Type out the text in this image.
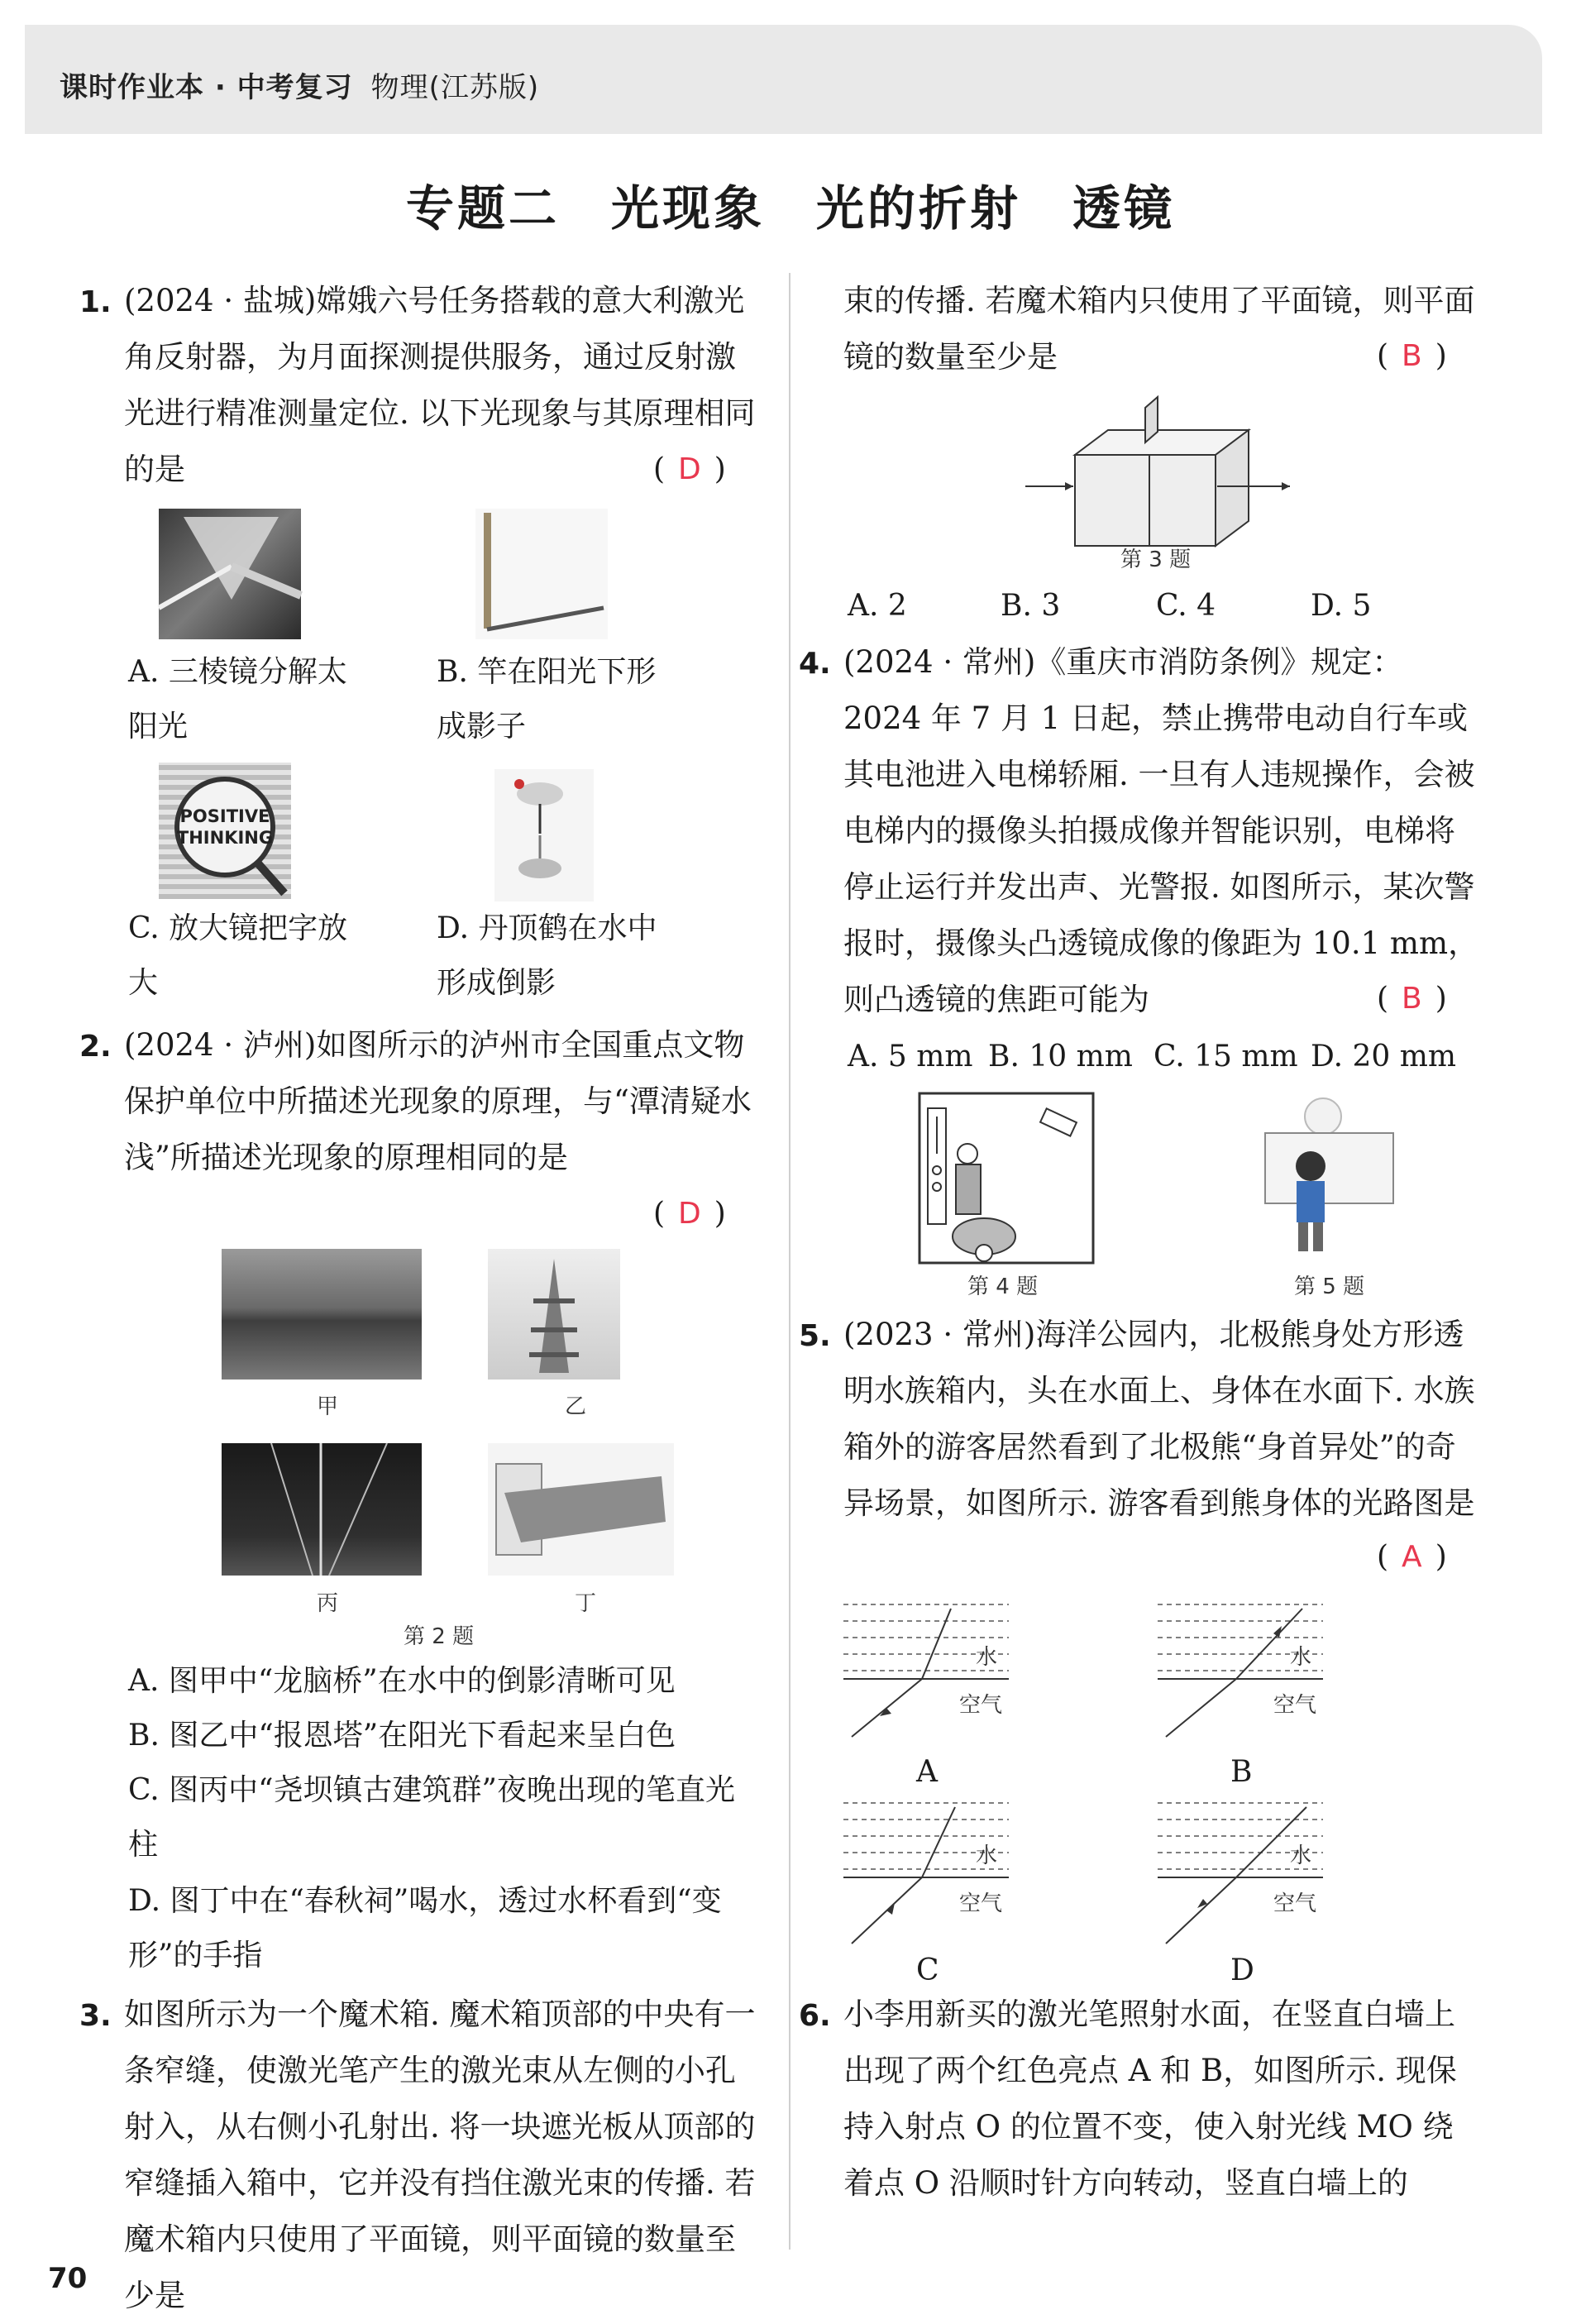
课时作业本 · 中考复习 物理(江苏版)
专题二　光现象　光的折射　透镜
1. (2024 · 盐城)嫦娥六号任务搭载的意大利激光角反射器，为月面探测提供服务，通过反射激光进行精准测量定位. 以下光现象与其原理相同的是	( D )
A. 三棱镜分解太阳光
B. 竿在阳光下形成影子
POSITIVE
THINKING
C. 放大镜把字放大
D. 丹顶鹤在水中形成倒影
2. (2024 · 泸州)如图所示的泸州市全国重点文物保护单位中所描述光现象的原理，与“潭清疑水浅”所描述光现象的原理相同的是
( D )
甲	乙
丙	丁
第 2 题
A. 图甲中“龙脑桥”在水中的倒影清晰可见
B. 图乙中“报恩塔”在阳光下看起来呈白色
C. 图丙中“尧坝镇古建筑群”夜晚出现的笔直光柱
D. 图丁中在“春秋祠”喝水，透过水杯看到“变形”的手指
3. 如图所示为一个魔术箱. 魔术箱顶部的中央有一条窄缝，使激光笔产生的激光束从左侧的小孔射入，从右侧小孔射出. 将一块遮光板从顶部的窄缝插入箱中，它并没有挡住激光束的传播. 若魔术箱内只使用了平面镜，则平面镜的数量至少是
束的传播. 若魔术箱内只使用了平面镜，则平面镜的数量至少是	( B )
第 3 题
A. 2	B. 3	C. 4	D. 5
4. (2024 · 常州)《重庆市消防条例》规定：2024 年 7 月 1 日起，禁止携带电动自行车或其电池进入电梯轿厢. 一旦有人违规操作，会被电梯内的摄像头拍摄成像并智能识别，电梯将停止运行并发出声、光警报. 如图所示，某次警报时，摄像头凸透镜成像的像距为 10.1 mm，则凸透镜的焦距可能为	( B )
A. 5 mm B. 10 mm C. 15 mm D. 20 mm
第 4 题	第 5 题
5. (2023 · 常州)海洋公园内，北极熊身处方形透明水族箱内，头在水面上、身体在水面下. 水族箱外的游客居然看到了北极熊“身首异处”的奇异场景，如图所示. 游客看到熊身体的光路图是
( A )
水
空气
水
空气
水
空气
水
空气
A	B
C	D
6. 小李用新买的激光笔照射水面，在竖直白墙上出现了两个红色亮点 A 和 B，如图所示. 现保持入射点 O 的位置不变，使入射光线 MO 绕着点 O 沿顺时针方向转动，竖直白墙上的
70
